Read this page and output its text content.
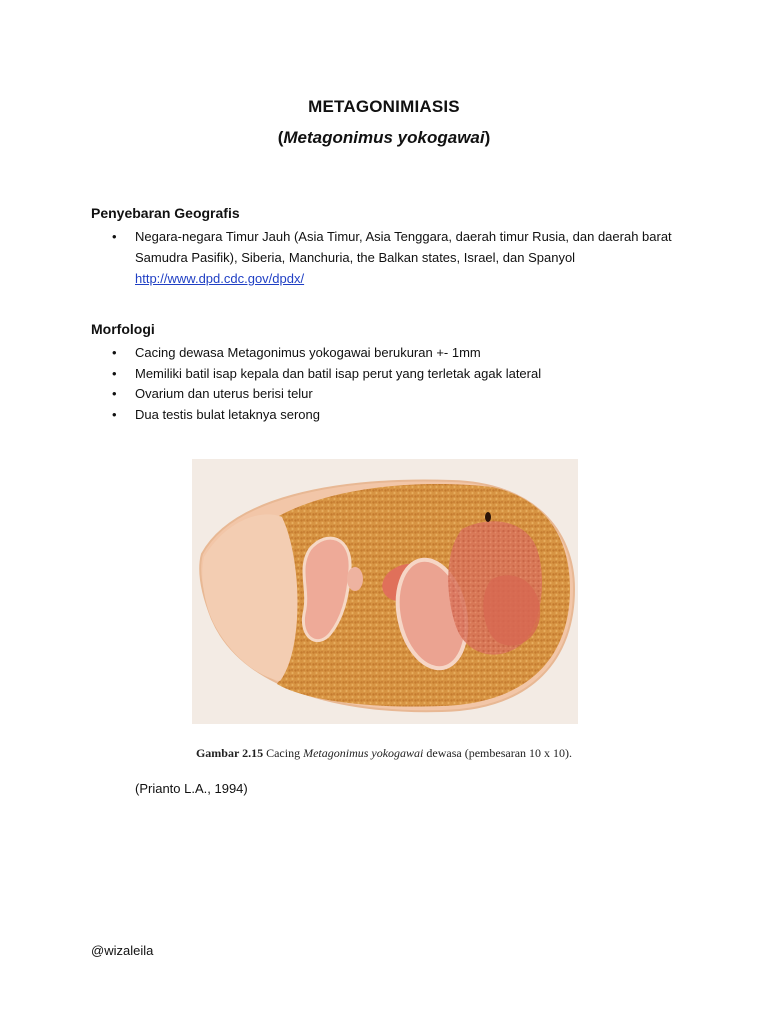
METAGONIMIASIS
(Metagonimus yokogawai)
Penyebaran Geografis
•	Negara-negara Timur Jauh (Asia Timur, Asia Tenggara, daerah timur Rusia, dan daerah barat
Samudra Pasifik), Siberia, Manchuria, the Balkan states, Israel, dan Spanyol
http://www.dpd.cdc.gov/dpdx/
Morfologi
•	Cacing dewasa Metagonimus yokogawai berukuran +- 1mm
•	Memiliki batil isap kepala dan batil isap perut yang terletak agak lateral
•	Ovarium dan uterus berisi telur
•	Dua testis bulat letaknya serong
Gambar 2.15 Cacing Metagonimus yokogawai dewasa (pembesaran 10 x 10).
(Prianto L.A., 1994)
@wizaleila
